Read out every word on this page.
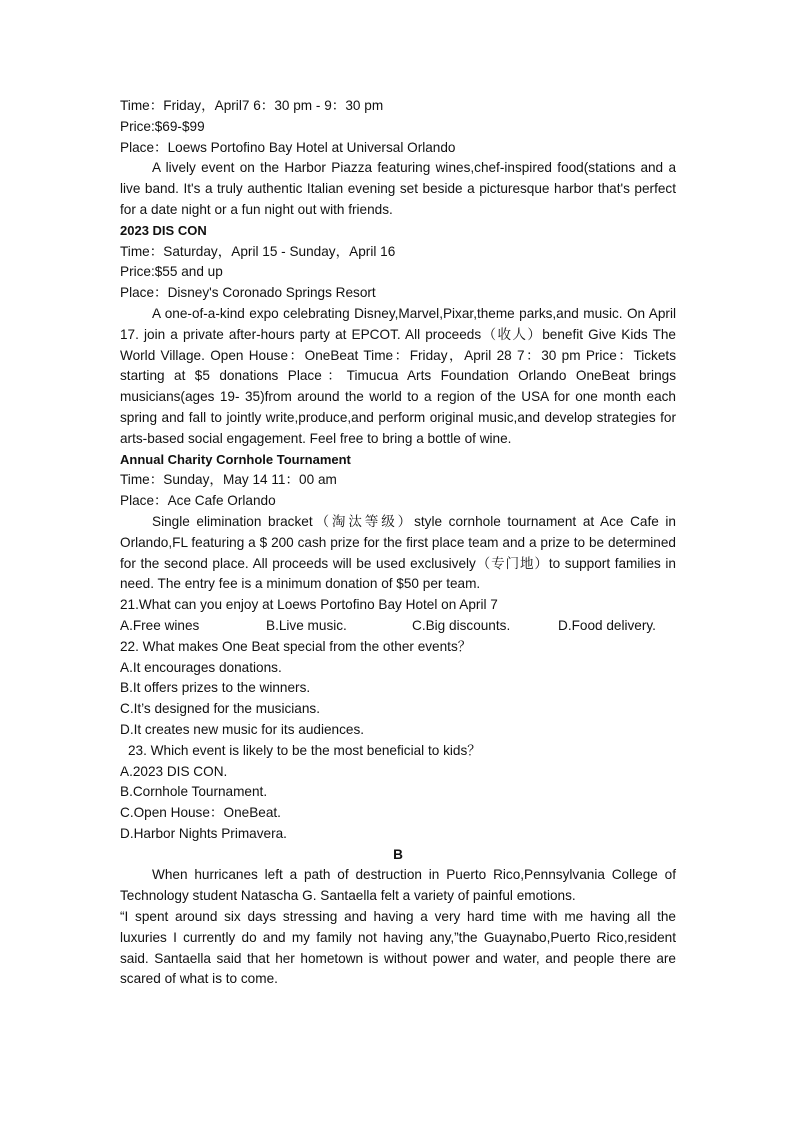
Time：Friday，April7 6：30 pm - 9：30 pm
Price:$69-$99
Place：Loews Portofino Bay Hotel at Universal Orlando
A lively event on the Harbor Piazza featuring wines,chef-inspired food(stations and a live band. It's a truly authentic Italian evening set beside a picturesque harbor that's perfect for a date night or a fun night out with friends.
2023 DIS CON
Time：Saturday，April 15 - Sunday，April 16
Price:$55 and up
Place：Disney's Coronado Springs Resort
A one-of-a-kind expo celebrating Disney,Marvel,Pixar,theme parks,and music. On April 17. join a private after-hours party at EPCOT. All proceeds（收人）benefit Give Kids The World Village. Open House：OneBeat Time：Friday，April 28 7：30 pm Price：Tickets starting at $5 donations Place：Timucua Arts Foundation Orlando OneBeat brings musicians(ages 19- 35)from around the world to a region of the USA for one month each spring and fall to jointly write,produce,and perform original music,and develop strategies for arts-based social engagement. Feel free to bring a bottle of wine.
Annual Charity Cornhole Tournament
Time：Sunday，May 14 11：00 am
Place：Ace Cafe Orlando
Single elimination bracket（淘汰等级）style cornhole tournament at Ace Cafe in Orlando,FL featuring a $ 200 cash prize for the first place team and a prize to be determined for the second place. All proceeds will be used exclusively（专门地）to support families in need. The entry fee is a minimum donation of $50 per team.
21.What can you enjoy at Loews Portofino Bay Hotel on April 7
A.Free wines	B.Live music.	C.Big discounts.	D.Food delivery.
22. What makes One Beat special from the other events？
A.It encourages donations.
B.It offers prizes to the winners.
C.It’s designed for the musicians.
D.It creates new music for its audiences.
23. Which event is likely to be the most beneficial to kids？
A.2023 DIS CON.
B.Cornhole Tournament.
C.Open House：OneBeat.
D.Harbor Nights Primavera.
B
When hurricanes left a path of destruction in Puerto Rico,Pennsylvania College of Technology student Natascha G. Santaella felt a variety of painful emotions.
“I spent around six days stressing and having a very hard time with me having all the luxuries I currently do and my family not having any,”the Guaynabo,Puerto Rico,resident said. Santaella said that her hometown is without power and water, and people there are scared of what is to come.
